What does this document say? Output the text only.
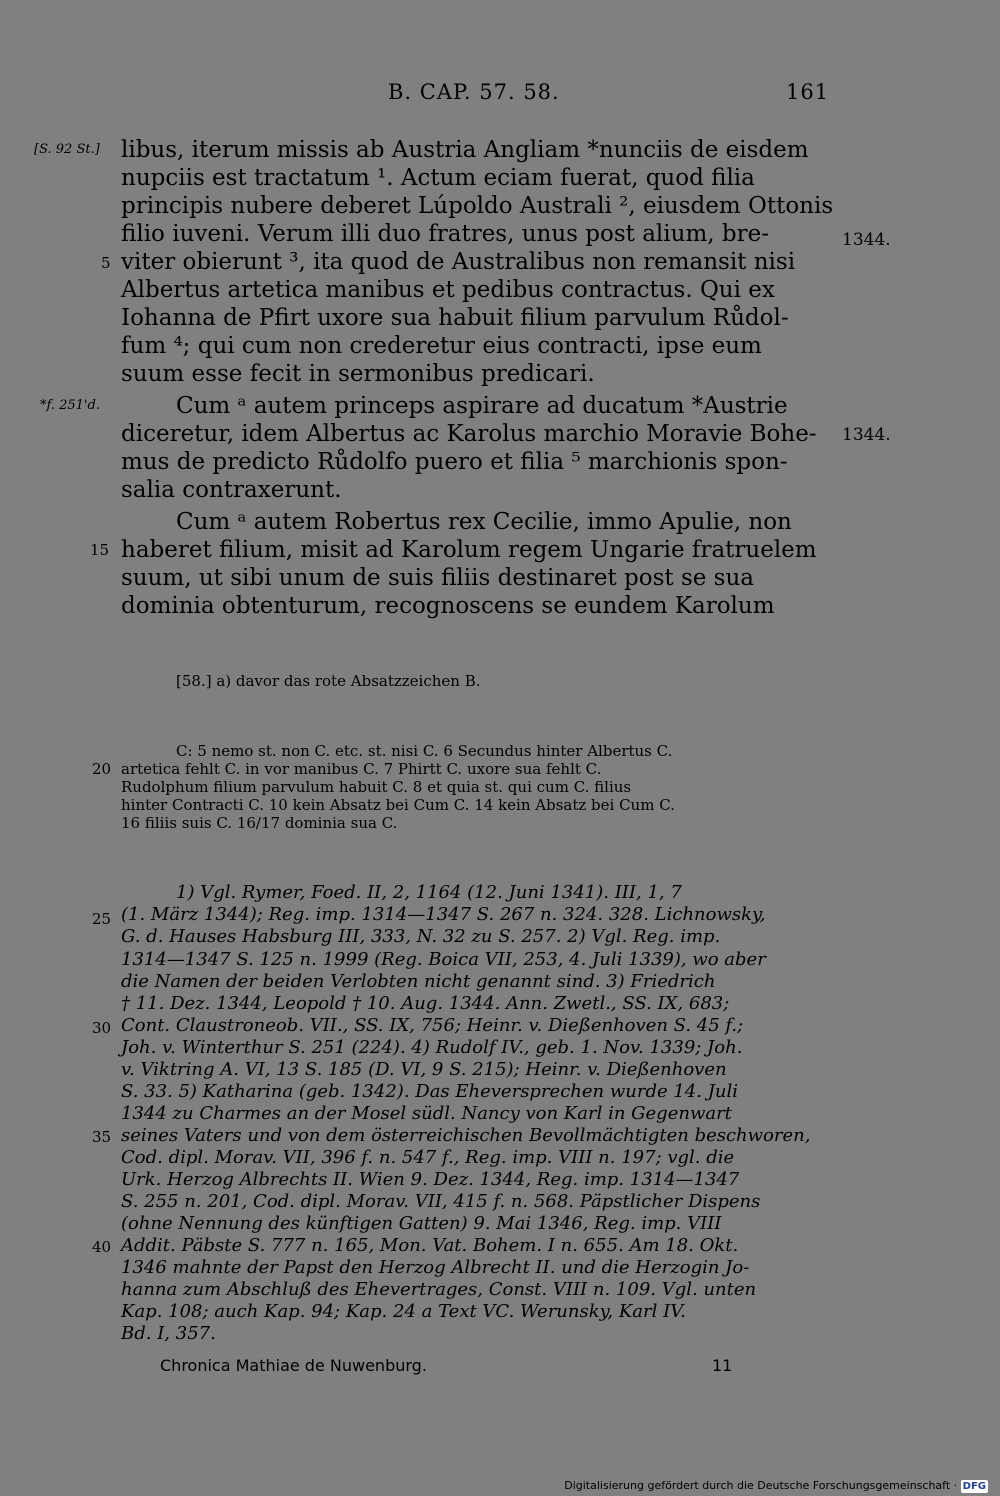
B. CAP. 57. 58.	161
[S. 92 St.]
*f. 251'd.
1344.
1344.
5
15
20
25
30
35
40
libus, iterum missis ab Austria Angliam *nunciis de eisdem
nupciis est tractatum ¹. Actum eciam fuerat, quod filia
principis nubere deberet Lúpoldo Australi ², eiusdem Ottonis
filio iuveni. Verum illi duo fratres, unus post alium, bre-
viter obierunt ³, ita quod de Australibus non remansit nisi
Albertus artetica manibus et pedibus contractus. Qui ex
Iohanna de Pfirt uxore sua habuit filium parvulum Růdol-
fum ⁴; qui cum non crederetur eius contracti, ipse eum
suum esse fecit in sermonibus predicari.
Cum ᵃ autem princeps aspirare ad ducatum *Austrie
diceretur, idem Albertus ac Karolus marchio Moravie Bohe-
mus de predicto Růdolfo puero et filia ⁵ marchionis spon-
salia contraxerunt.
Cum ᵃ autem Robertus rex Cecilie, immo Apulie, non
haberet filium, misit ad Karolum regem Ungarie fratruelem
suum, ut sibi unum de suis filiis destinaret post se sua
dominia obtenturum, recognoscens se eundem Karolum
[58.] a) davor das rote Absatzzeichen B.
C: 5 nemo st. non C. etc. st. nisi C. 6 Secundus hinter Albertus C.
artetica fehlt C. in vor manibus C. 7 Phirtt C. uxore sua fehlt C.
Rudolphum filium parvulum habuit C. 8 et quia st. qui cum C. filius
hinter Contracti C. 10 kein Absatz bei Cum C. 14 kein Absatz bei Cum C.
16 filiis suis C. 16/17 dominia sua C.
1) Vgl. Rymer, Foed. II, 2, 1164 (12. Juni 1341). III, 1, 7
(1. März 1344); Reg. imp. 1314—1347 S. 267 n. 324. 328. Lichnowsky,
G. d. Hauses Habsburg III, 333, N. 32 zu S. 257. 2) Vgl. Reg. imp.
1314—1347 S. 125 n. 1999 (Reg. Boica VII, 253, 4. Juli 1339), wo aber
die Namen der beiden Verlobten nicht genannt sind. 3) Friedrich
† 11. Dez. 1344, Leopold † 10. Aug. 1344. Ann. Zwetl., SS. IX, 683;
Cont. Claustroneob. VII., SS. IX, 756; Heinr. v. Dießenhoven S. 45 f.;
Joh. v. Winterthur S. 251 (224). 4) Rudolf IV., geb. 1. Nov. 1339; Joh.
v. Viktring A. VI, 13 S. 185 (D. VI, 9 S. 215); Heinr. v. Dießenhoven
S. 33. 5) Katharina (geb. 1342). Das Eheversprechen wurde 14. Juli
1344 zu Charmes an der Mosel südl. Nancy von Karl in Gegenwart
seines Vaters und von dem österreichischen Bevollmächtigten beschworen,
Cod. dipl. Morav. VII, 396 f. n. 547 f., Reg. imp. VIII n. 197; vgl. die
Urk. Herzog Albrechts II. Wien 9. Dez. 1344, Reg. imp. 1314—1347
S. 255 n. 201, Cod. dipl. Morav. VII, 415 f. n. 568. Päpstlicher Dispens
(ohne Nennung des künftigen Gatten) 9. Mai 1346, Reg. imp. VIII
Addit. Päbste S. 777 n. 165, Mon. Vat. Bohem. I n. 655. Am 18. Okt.
1346 mahnte der Papst den Herzog Albrecht II. und die Herzogin Jo-
hanna zum Abschluß des Ehevertrages, Const. VIII n. 109. Vgl. unten
Kap. 108; auch Kap. 94; Kap. 24 a Text VC. Werunsky, Karl IV.
Bd. I, 357.
Chronica Mathiae de Nuwenburg.	11
Digitalisierung gefördert durch die Deutsche Forschungsgemeinschaft · DFG
